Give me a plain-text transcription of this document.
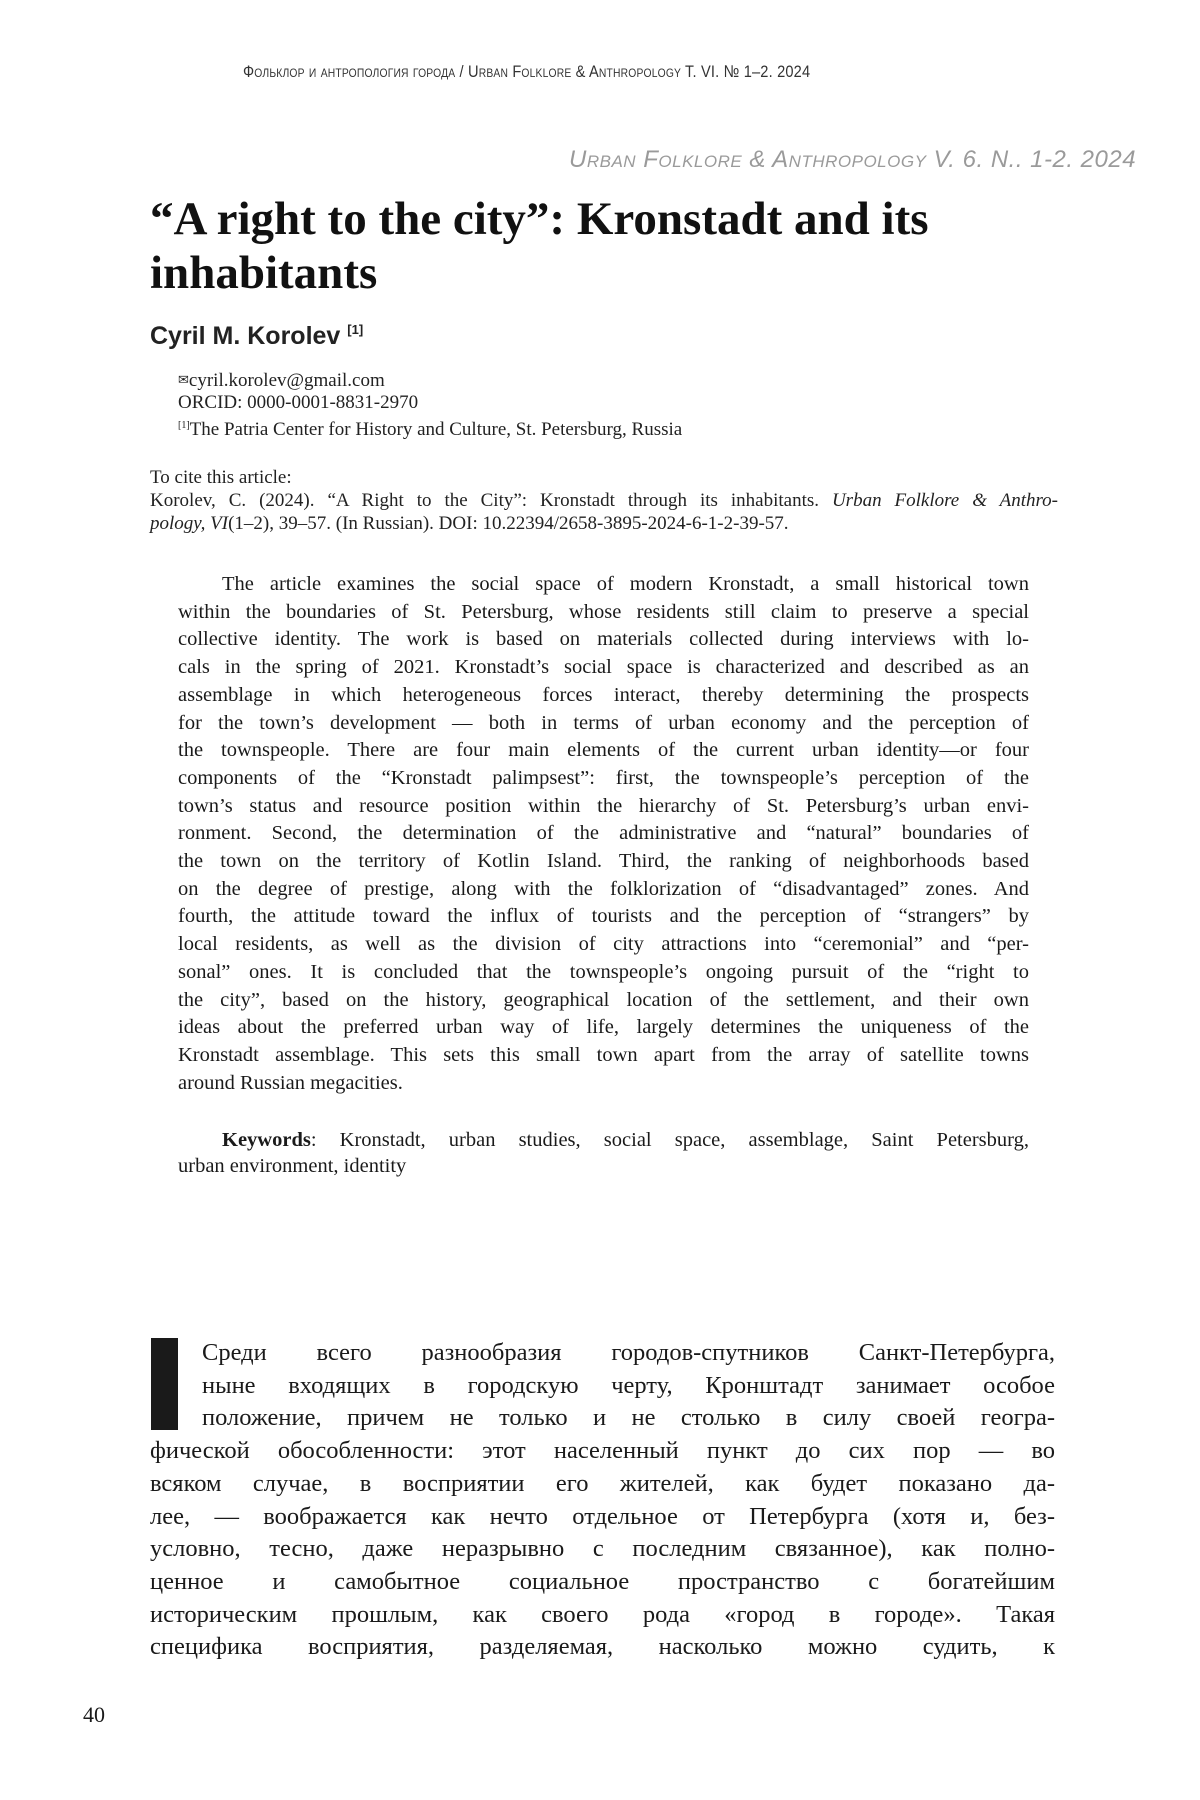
Фольклор и антропология города / Urban Folklore & Anthropology T. VI. № 1–2. 2024
Urban Folklore & Anthropology V. 6. N.. 1-2. 2024
“A right to the city”: Kronstadt and its
inhabitants
Cyril M. Korolev [1]
✉cyril.korolev@gmail.com
ORCID: 0000-0001-8831-2970
[1]The Patria Center for History and Culture, St. Petersburg, Russia
To cite this article:
Korolev, C. (2024). “A Right to the City”: Kronstadt through its inhabitants. Urban Folklore & Anthro-
pology, VI(1–2), 39–57. (In Russian). DOI: 10.22394/2658-3895-2024-6-1-2-39-57.
The article examines the social space of modern Kronstadt, a small historical town
within the boundaries of St. Petersburg, whose residents still claim to preserve a special
collective identity. The work is based on materials collected during interviews with lo-
cals in the spring of 2021. Kronstadt’s social space is characterized and described as an
assemblage in which heterogeneous forces interact, thereby determining the prospects
for the town’s development — both in terms of urban economy and the perception of
the townspeople. There are four main elements of the current urban identity—or four
components of the “Kronstadt palimpsest”: first, the townspeople’s perception of the
town’s status and resource position within the hierarchy of St. Petersburg’s urban envi-
ronment. Second, the determination of the administrative and “natural” boundaries of
the town on the territory of Kotlin Island. Third, the ranking of neighborhoods based
on the degree of prestige, along with the folklorization of “disadvantaged” zones. And
fourth, the attitude toward the influx of tourists and the perception of “strangers” by
local residents, as well as the division of city attractions into “ceremonial” and “per-
sonal” ones. It is concluded that the townspeople’s ongoing pursuit of the “right to
the city”, based on the history, geographical location of the settlement, and their own
ideas about the preferred urban way of life, largely determines the uniqueness of the
Kronstadt assemblage. This sets this small town apart from the array of satellite towns
around Russian megacities.
Keywords: Kronstadt, urban studies, social space, assemblage, Saint Petersburg,
urban environment, identity
Среди всего разнообразия городов-спутников Санкт-Петербурга,
ныне входящих в городскую черту, Кронштадт занимает особое
положение, причем не только и не столько в силу своей геогра-
фической обособленности: этот населенный пункт до сих пор — во
всяком случае, в восприятии его жителей, как будет показано да-
лее, — воображается как нечто отдельное от Петербурга (хотя и, без-
условно, тесно, даже неразрывно с последним связанное), как полно-
ценное и самобытное социальное пространство с богатейшим
историческим прошлым, как своего рода «город в городе». Такая
специфика восприятия, разделяемая, насколько можно судить, к
40
